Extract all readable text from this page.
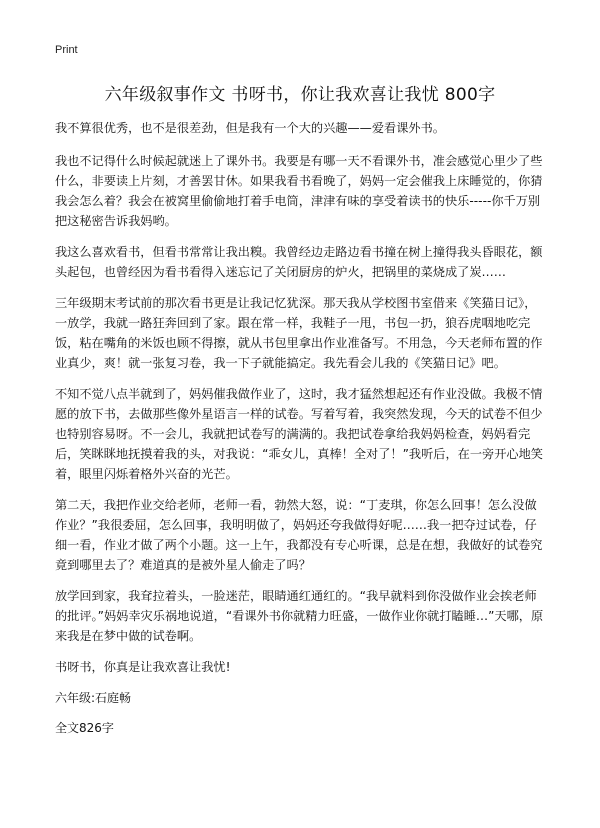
Print
六年级叙事作文 书呀书，你让我欢喜让我忧 800字

我不算很优秀，也不是很差劲，但是我有一个大的兴趣——爱看课外书。

我也不记得什么时候起就迷上了课外书。我要是有哪一天不看课外书，准会感觉心里少了些什么，非要读上片刻，才善罢甘休。如果我看书看晚了，妈妈一定会催我上床睡觉的，你猜我会怎么着？我会在被窝里偷偷地打着手电筒，津津有味的享受着读书的快乐-----你千万别把这秘密告诉我妈哟。

我这么喜欢看书，但看书常常让我出糗。我曾经边走路边看书撞在树上撞得我头昏眼花，额头起包，也曾经因为看书看得入迷忘记了关闭厨房的炉火，把锅里的菜烧成了炭……

三年级期末考试前的那次看书更是让我记忆犹深。那天我从学校图书室借来《笑猫日记》，一放学，我就一路狂奔回到了家。跟在常一样，我鞋子一甩，书包一扔，狼吞虎咽地吃完饭，粘在嘴角的米饭也顾不得擦，就从书包里拿出作业准备写。不用急，今天老师布置的作业真少，爽！就一张复习卷，我一下子就能搞定。我先看会儿我的《笑猫日记》吧。

不知不觉八点半就到了，妈妈催我做作业了，这时，我才猛然想起还有作业没做。我极不情愿的放下书，去做那些像外星语言一样的试卷。写着写着，我突然发现，今天的试卷不但少也特别容易呀。不一会儿，我就把试卷写的满满的。我把试卷拿给我妈妈检查，妈妈看完后，笑眯眯地抚摸着我的头，对我说：“乖女儿，真棒！全对了！”我听后，在一旁开心地笑着，眼里闪烁着格外兴奋的光芒。

第二天，我把作业交给老师，老师一看，勃然大怒，说：“丁麦琪，你怎么回事！怎么没做作业？”我很委屈，怎么回事，我明明做了，妈妈还夸我做得好呢……我一把夺过试卷，仔细一看，作业才做了两个小题。这一上午，我都没有专心听课，总是在想，我做好的试卷究竟到哪里去了？难道真的是被外星人偷走了吗？

放学回到家，我耷拉着头，一脸迷茫，眼睛通红通红的。“我早就料到你没做作业会挨老师的批评。”妈妈幸灾乐祸地说道，“看课外书你就精力旺盛，一做作业你就打瞌睡…”天哪，原来我是在梦中做的试卷啊。

书呀书，你真是让我欢喜让我忧!

六年级:石庭畅

全文826字
